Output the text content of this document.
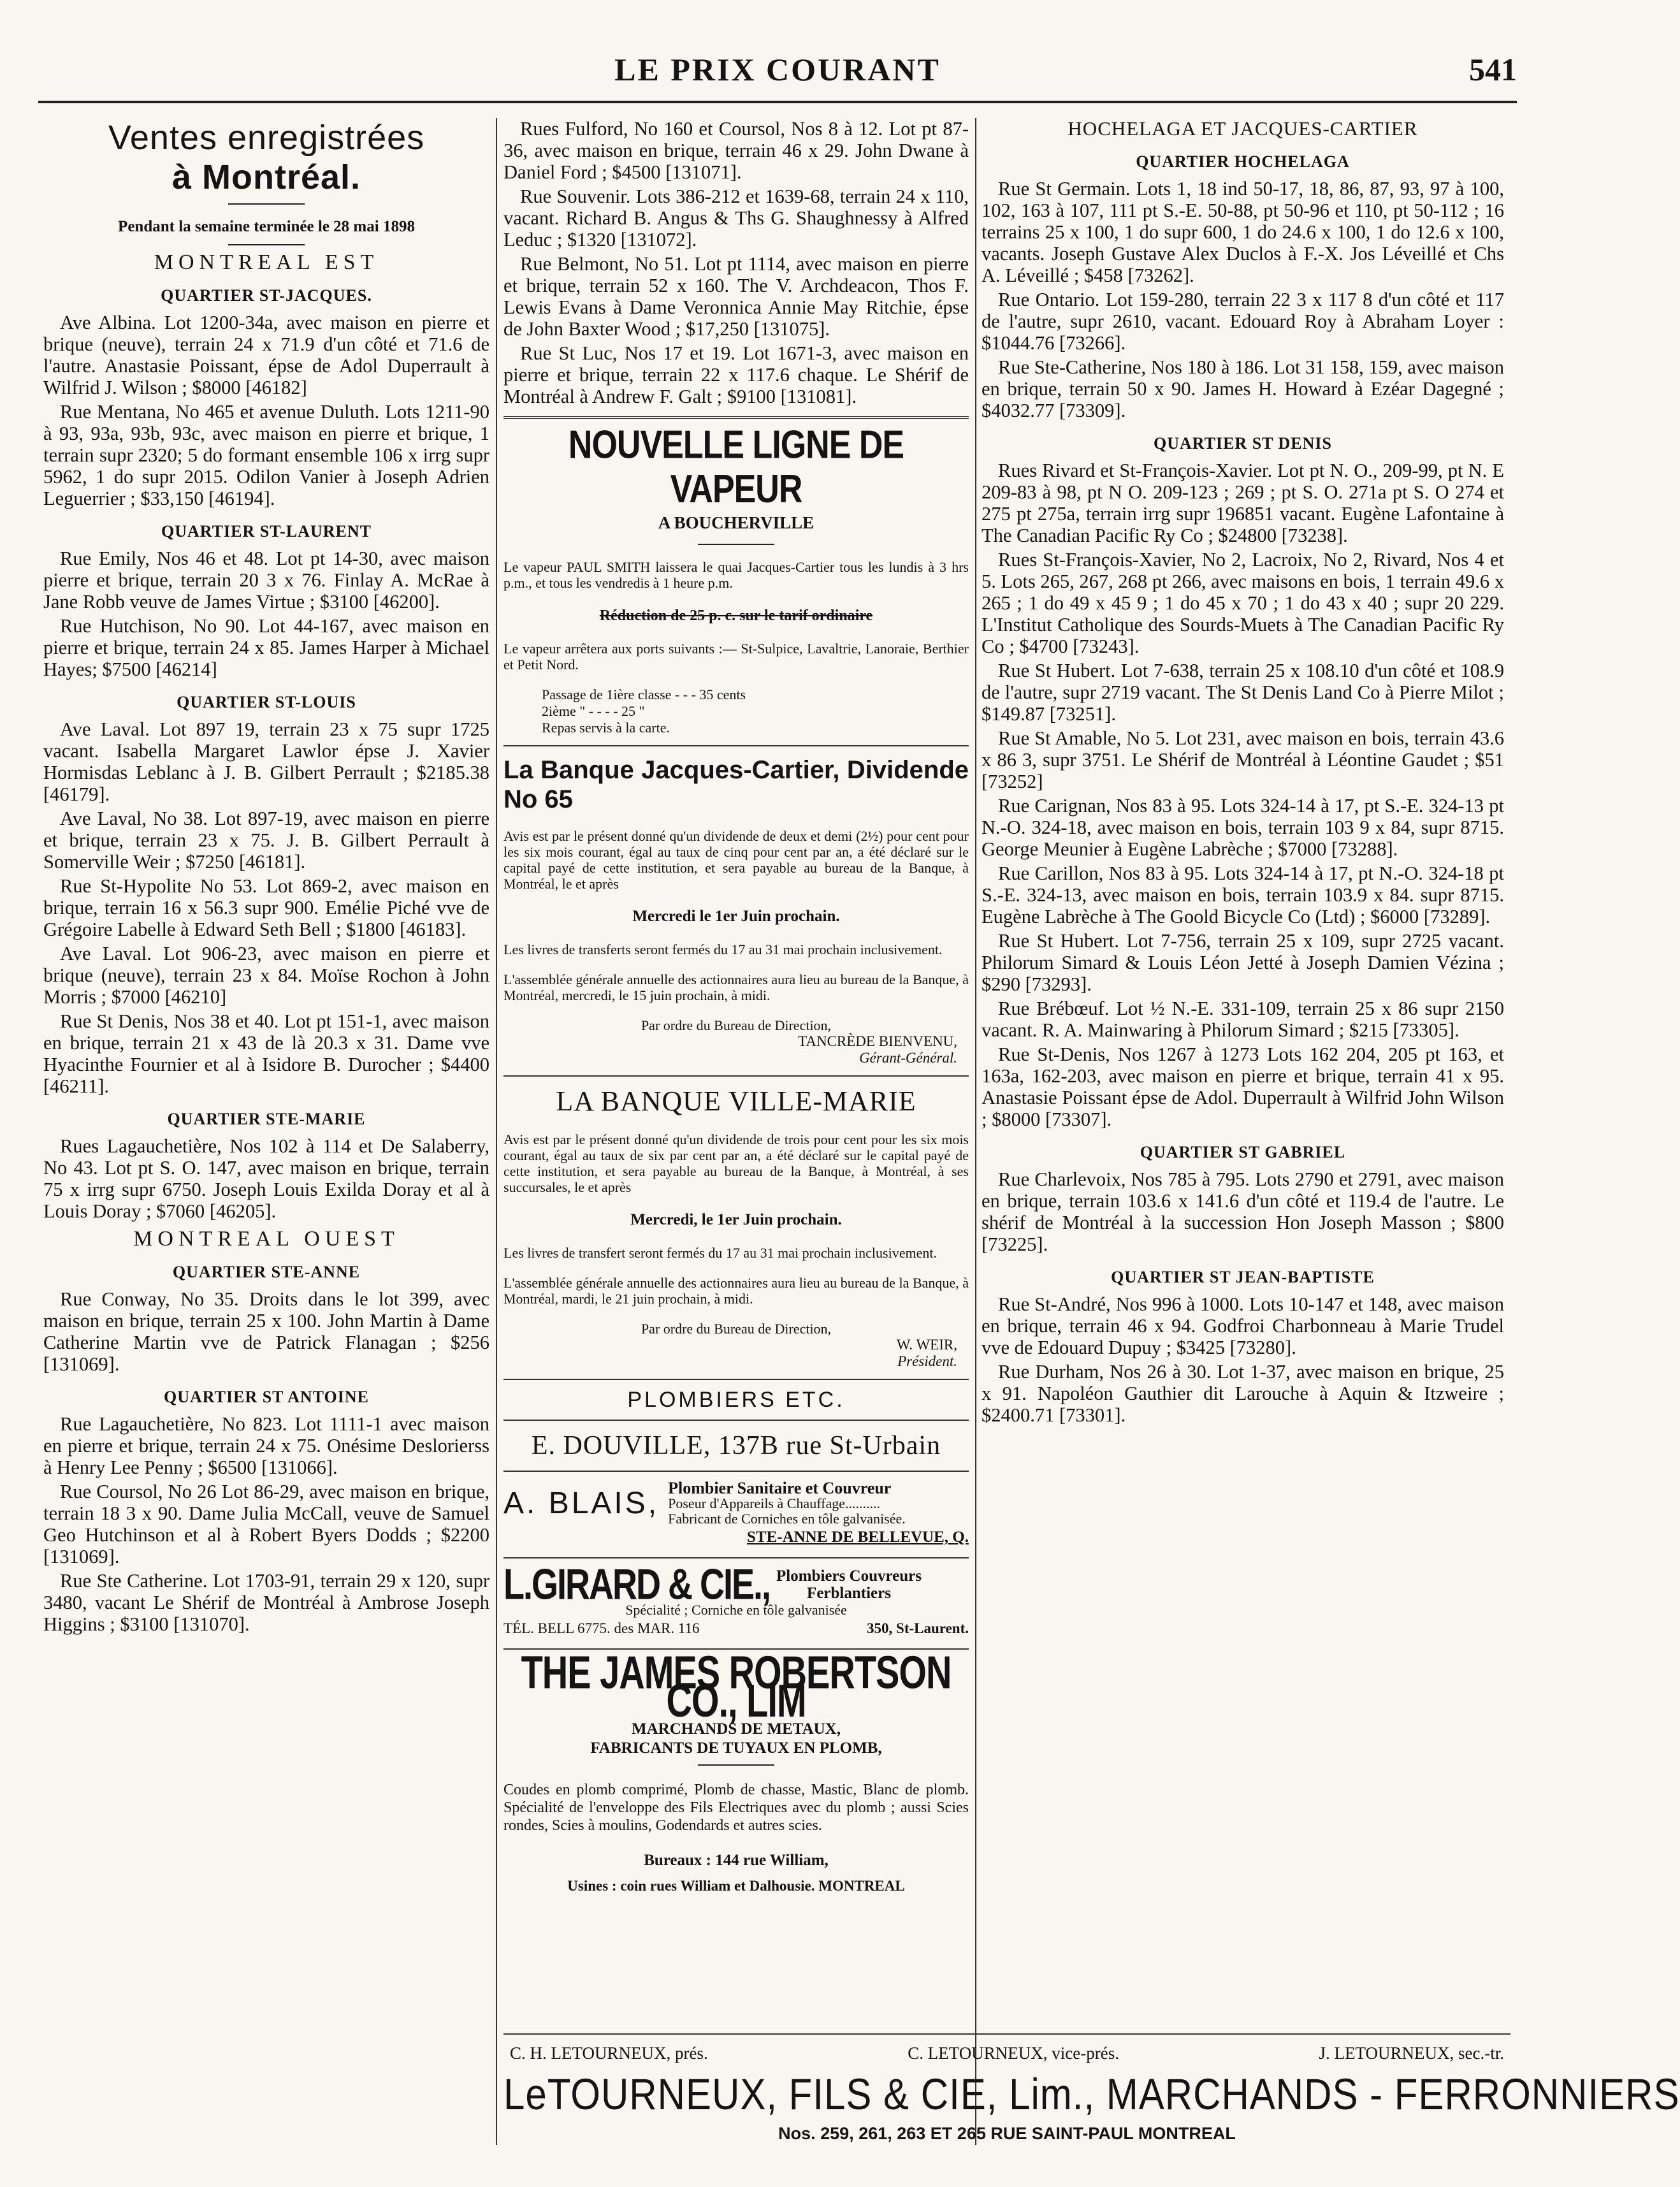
LE PRIX COURANT	541
Ventes enregistrées
à Montréal.
Pendant la semaine terminée le 28 mai 1898
MONTREAL EST
QUARTIER ST-JACQUES.

Ave Albina. Lot 1200-34a, avec maison en pierre et brique (neuve), terrain 24 x 71.9 d'un côté et 71.6 de l'autre. Anastasie Poissant, épse de Adol Duperrault à Wilfrid J. Wilson ; $8000 [46182]

Rue Mentana, No 465 et avenue Duluth. Lots 1211-90 à 93, 93a, 93b, 93c, avec maison en pierre et brique, 1 terrain supr 2320; 5 do formant ensemble 106 x irrg supr 5962, 1 do supr 2015. Odilon Vanier à Joseph Adrien Leguerrier ; $33,150 [46194].

QUARTIER ST-LAURENT

Rue Emily, Nos 46 et 48. Lot pt 14-30, avec maison pierre et brique, terrain 20 3 x 76. Finlay A. McRae à Jane Robb veuve de James Virtue ; $3100 [46200].

Rue Hutchison, No 90. Lot 44-167, avec maison en pierre et brique, terrain 24 x 85. James Harper à Michael Hayes; $7500 [46214]

QUARTIER ST-LOUIS

Ave Laval. Lot 897 19, terrain 23 x 75 supr 1725 vacant. Isabella Margaret Lawlor épse J. Xavier Hormisdas Leblanc à J. B. Gilbert Perrault ; $2185.38 [46179].

Ave Laval, No 38. Lot 897-19, avec maison en pierre et brique, terrain 23 x 75. J. B. Gilbert Perrault à Somerville Weir ; $7250 [46181].

Rue St-Hypolite No 53. Lot 869-2, avec maison en brique, terrain 16 x 56.3 supr 900. Emélie Piché vve de Grégoire Labelle à Edward Seth Bell ; $1800 [46183].

Ave Laval. Lot 906-23, avec maison en pierre et brique (neuve), terrain 23 x 84. Moïse Rochon à John Morris ; $7000 [46210]

Rue St Denis, Nos 38 et 40. Lot pt 151-1, avec maison en brique, terrain 21 x 43 de là 20.3 x 31. Dame vve Hyacinthe Fournier et al à Isidore B. Durocher ; $4400 [46211].

QUARTIER STE-MARIE

Rues Lagauchetière, Nos 102 à 114 et De Salaberry, No 43. Lot pt S. O. 147, avec maison en brique, terrain 75 x irrg supr 6750. Joseph Louis Exilda Doray et al à Louis Doray ; $7060 [46205].

MONTREAL OUEST
QUARTIER STE-ANNE

Rue Conway, No 35. Droits dans le lot 399, avec maison en brique, terrain 25 x 100. John Martin à Dame Catherine Martin vve de Patrick Flanagan ; $256 [131069].

QUARTIER ST ANTOINE

Rue Lagauchetière, No 823. Lot 1111-1 avec maison en pierre et brique, terrain 24 x 75. Onésime Deslorierss à Henry Lee Penny ; $6500 [131066].

Rue Coursol, No 26 Lot 86-29, avec maison en brique, terrain 18 3 x 90. Dame Julia McCall, veuve de Samuel Geo Hutchinson et al à Robert Byers Dodds ; $2200 [131069].

Rue Ste Catherine. Lot 1703-91, terrain 29 x 120, supr 3480, vacant Le Shérif de Montréal à Ambrose Joseph Higgins ; $3100 [131070].

Rues Fulford, No 160 et Coursol, Nos 8 à 12. Lot pt 87-36, avec maison en brique, terrain 46 x 29. John Dwane à Daniel Ford ; $4500 [131071].

Rue Souvenir. Lots 386-212 et 1639-68, terrain 24 x 110, vacant. Richard B. Angus & Ths G. Shaughnessy à Alfred Leduc ; $1320 [131072].

Rue Belmont, No 51. Lot pt 1114, avec maison en pierre et brique, terrain 52 x 160. The V. Archdeacon, Thos F. Lewis Evans à Dame Veronnica Annie May Ritchie, épse de John Baxter Wood ; $17,250 [131075].

Rue St Luc, Nos 17 et 19. Lot 1671-3, avec maison en pierre et brique, terrain 22 x 117.6 chaque. Le Shérif de Montréal à Andrew F. Galt ; $9100 [131081].

NOUVELLE LIGNE DE VAPEUR
A BOUCHERVILLE

Le vapeur PAUL SMITH laissera le quai Jacques-Cartier tous les lundis à 3 hrs p.m., et tous les vendredis à 1 heure p.m.

Réduction de 25 p. c. sur le tarif ordinaire

Le vapeur arrêtera aux ports suivants :— St-Sulpice, Lavaltrie, Lanoraie, Berthier et Petit Nord.

Passage de 1ière classe - - - 35 cents
2ième " - - - - 25 "
Repas servis à la carte.
La Banque Jacques-Cartier, Dividende No 65

Avis est par le présent donné qu'un dividende de deux et demi (2½) pour cent pour les six mois courant, égal au taux de cinq pour cent par an, a été déclaré sur le capital payé de cette institution, et sera payable au bureau de la Banque, à Montréal, le et après

Mercredi le 1er Juin prochain.

Les livres de transferts seront fermés du 17 au 31 mai prochain inclusivement.

L'assemblée générale annuelle des actionnaires aura lieu au bureau de la Banque, à Montréal, mercredi, le 15 juin prochain, à midi.

Par ordre du Bureau de Direction,
TANCRÈDE BIENVENU,
Gérant-Général.
LA BANQUE VILLE-MARIE

Avis est par le présent donné qu'un dividende de trois pour cent pour les six mois courant, égal au taux de six par cent par an, a été déclaré sur le capital payé de cette institution, et sera payable au bureau de la Banque, à Montréal, à ses succursales, le et après

Mercredi, le 1er Juin prochain.

Les livres de transfert seront fermés du 17 au 31 mai prochain inclusivement.

L'assemblée générale annuelle des actionnaires aura lieu au bureau de la Banque, à Montréal, mardi, le 21 juin prochain, à midi.

Par ordre du Bureau de Direction,
W. WEIR,
Président.
PLOMBIERS ETC.
E. DOUVILLE, 137B rue St-Urbain
A. BLAIS, Plombier Sanitaire et Couvreur
Poseur d'Appareils à Chauffage..........
Fabricant de Corniches en tôle galvanisée.
STE-ANNE DE BELLEVUE, Q.
L.GIRARD & CIE., Plombiers Couvreurs
Ferblantiers
Spécialité ; Corniche en tôle galvanisée
TÉL. BELL 6775. des MAR. 116	350, St-Laurent.
THE JAMES ROBERTSON CO., LIM
MARCHANDS DE METAUX,
FABRICANTS DE TUYAUX EN PLOMB,

Coudes en plomb comprimé, Plomb de chasse, Mastic, Blanc de plomb. Spécialité de l'enveloppe des Fils Electriques avec du plomb ; aussi Scies rondes, Scies à moulins, Godendards et autres scies.

Bureaux : 144 rue William,
Usines : coin rues William et Dalhousie. MONTREAL
HOCHELAGA ET JACQUES-CARTIER
QUARTIER HOCHELAGA

Rue St Germain. Lots 1, 18 ind 50-17, 18, 86, 87, 93, 97 à 100, 102, 163 à 107, 111 pt S.-E. 50-88, pt 50-96 et 110, pt 50-112 ; 16 terrains 25 x 100, 1 do supr 600, 1 do 24.6 x 100, 1 do 12.6 x 100, vacants. Joseph Gustave Alex Duclos à F.-X. Jos Léveillé et Chs A. Léveillé ; $458 [73262].

Rue Ontario. Lot 159-280, terrain 22 3 x 117 8 d'un côté et 117 de l'autre, supr 2610, vacant. Edouard Roy à Abraham Loyer : $1044.76 [73266].

Rue Ste-Catherine, Nos 180 à 186. Lot 31 158, 159, avec maison en brique, terrain 50 x 90. James H. Howard à Ezéar Dagegné ; $4032.77 [73309].

QUARTIER ST DENIS

Rues Rivard et St-François-Xavier. Lot pt N. O., 209-99, pt N. E 209-83 à 98, pt N O. 209-123 ; 269 ; pt S. O. 271a pt S. O 274 et 275 pt 275a, terrain irrg supr 196851 vacant. Eugène Lafontaine à The Canadian Pacific Ry Co ; $24800 [73238].

Rues St-François-Xavier, No 2, Lacroix, No 2, Rivard, Nos 4 et 5. Lots 265, 267, 268 pt 266, avec maisons en bois, 1 terrain 49.6 x 265 ; 1 do 49 x 45 9 ; 1 do 45 x 70 ; 1 do 43 x 40 ; supr 20 229. L'Institut Catholique des Sourds-Muets à The Canadian Pacific Ry Co ; $4700 [73243].

Rue St Hubert. Lot 7-638, terrain 25 x 108.10 d'un côté et 108.9 de l'autre, supr 2719 vacant. The St Denis Land Co à Pierre Milot ; $149.87 [73251].

Rue St Amable, No 5. Lot 231, avec maison en bois, terrain 43.6 x 86 3, supr 3751. Le Shérif de Montréal à Léontine Gaudet ; $51 [73252]

Rue Carignan, Nos 83 à 95. Lots 324-14 à 17, pt S.-E. 324-13 pt N.-O. 324-18, avec maison en bois, terrain 103 9 x 84, supr 8715. George Meunier à Eugène Labrèche ; $7000 [73288].

Rue Carillon, Nos 83 à 95. Lots 324-14 à 17, pt N.-O. 324-18 pt S.-E. 324-13, avec maison en bois, terrain 103.9 x 84. supr 8715. Eugène Labrèche à The Goold Bicycle Co (Ltd) ; $6000 [73289].

Rue St Hubert. Lot 7-756, terrain 25 x 109, supr 2725 vacant. Philorum Simard & Louis Léon Jetté à Joseph Damien Vézina ; $290 [73293].

Rue Brébœuf. Lot ½ N.-E. 331-109, terrain 25 x 86 supr 2150 vacant. R. A. Mainwaring à Philorum Simard ; $215 [73305].

Rue St-Denis, Nos 1267 à 1273 Lots 162 204, 205 pt 163, et 163a, 162-203, avec maison en pierre et brique, terrain 41 x 95. Anastasie Poissant épse de Adol. Duperrault à Wilfrid John Wilson ; $8000 [73307].

QUARTIER ST GABRIEL

Rue Charlevoix, Nos 785 à 795. Lots 2790 et 2791, avec maison en brique, terrain 103.6 x 141.6 d'un côté et 119.4 de l'autre. Le shérif de Montréal à la succession Hon Joseph Masson ; $800 [73225].

QUARTIER ST JEAN-BAPTISTE

Rue St-André, Nos 996 à 1000. Lots 10-147 et 148, avec maison en brique, terrain 46 x 94. Godfroi Charbonneau à Marie Trudel vve de Edouard Dupuy ; $3425 [73280].

Rue Durham, Nos 26 à 30. Lot 1-37, avec maison en brique, 25 x 91. Napoléon Gauthier dit Larouche à Aquin & Itzweire ; $2400.71 [73301].

C. H. LETOURNEUX, prés.	C. LETOURNEUX, vice-prés.	J. LETOURNEUX, sec.-tr.
LeTOURNEUX, FILS & CIE, Lim., MARCHANDS - FERRONNIERS
Nos. 259, 261, 263 ET 265 RUE SAINT-PAUL MONTREAL
